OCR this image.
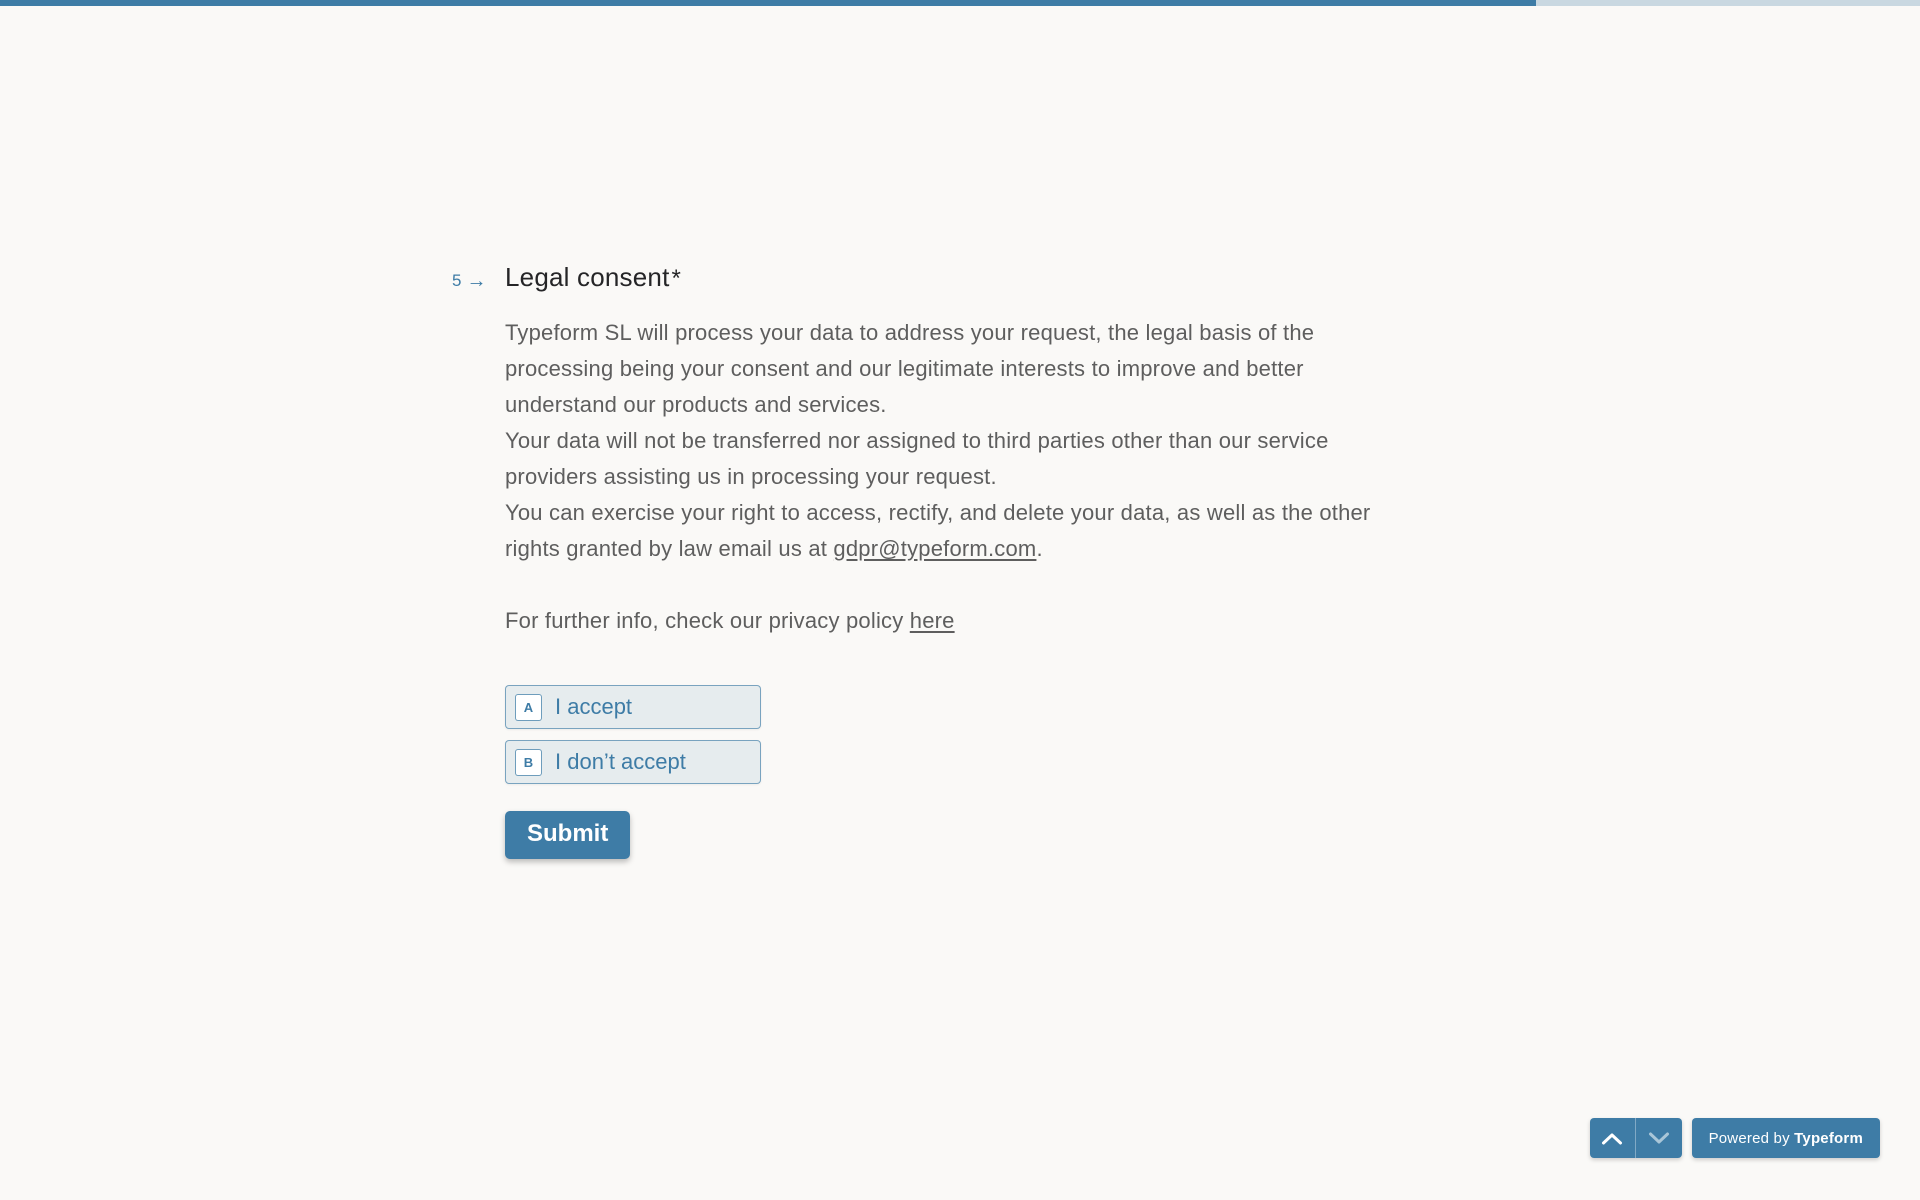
5 → Legal consent*

Typeform SL will process your data to address your request, the legal basis of the processing being your consent and our legitimate interests to improve and better understand our products and services.

Your data will not be transferred nor assigned to third parties other than our service providers assisting us in processing your request.

You can exercise your right to access, rectify, and delete your data, as well as the other rights granted by law email us at gdpr@typeform.com.

For further info, check our privacy policy here

A I accept
B I don’t accept
Submit
Powered by Typeform
